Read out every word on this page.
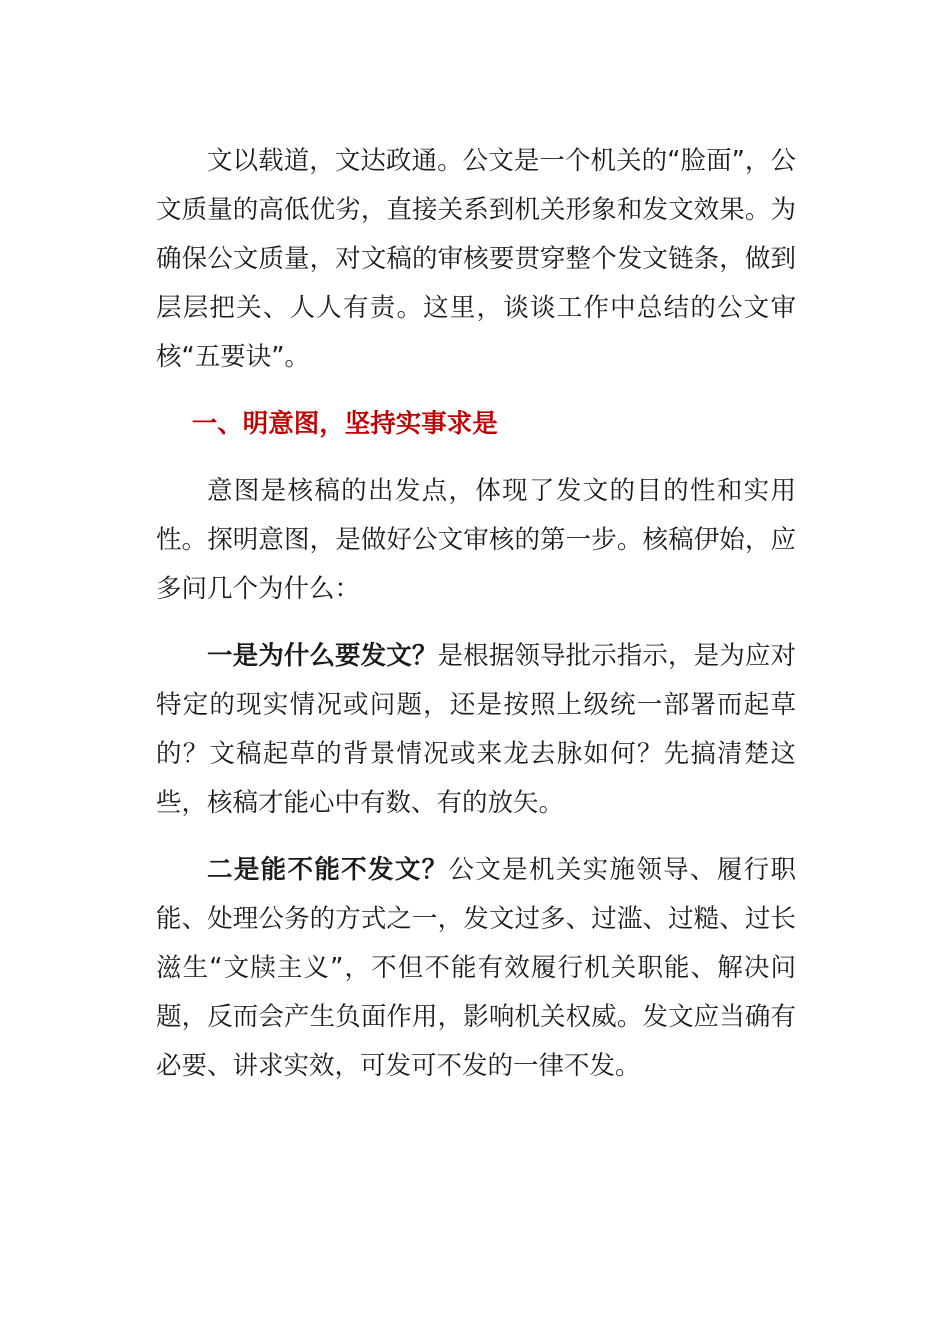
文以载道，文达政通。公文是一个机关的“脸面”，公文质量的高低优劣，直接关系到机关形象和发文效果。为确保公文质量，对文稿的审核要贯穿整个发文链条，做到层层把关、人人有责。这里，谈谈工作中总结的公文审核“五要诀”。

一、明意图，坚持实事求是

意图是核稿的出发点，体现了发文的目的性和实用性。探明意图，是做好公文审核的第一步。核稿伊始，应多问几个为什么：

一是为什么要发文？是根据领导批示指示，是为应对特定的现实情况或问题，还是按照上级统一部署而起草的？文稿起草的背景情况或来龙去脉如何？先搞清楚这些，核稿才能心中有数、有的放矢。

二是能不能不发文？公文是机关实施领导、履行职能、处理公务的方式之一，发文过多、过滥、过糙、过长滋生“文牍主义”，不但不能有效履行机关职能、解决问题，反而会产生负面作用，影响机关权威。发文应当确有必要、讲求实效，可发可不发的一律不发。
